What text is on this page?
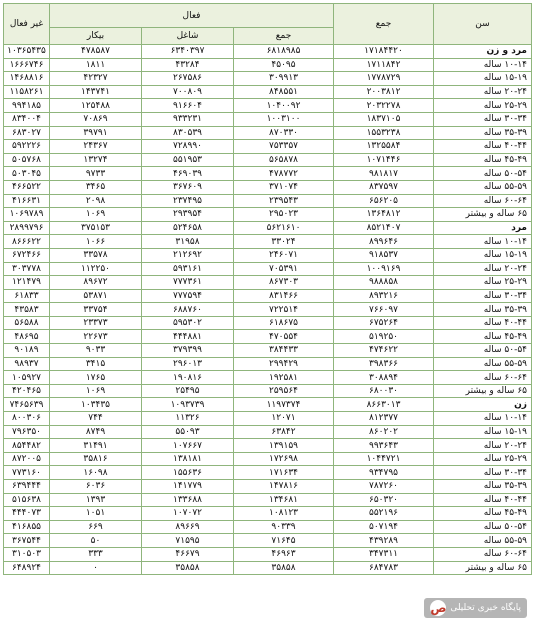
سن	جمع	فعال			غیر فعال
		جمع	شاغل	بیکار	
مرد و زن	۱۷۱۸۴۴۲۰	۶۸۱۸۹۸۵	۶۳۴۰۳۹۷	۴۷۸۵۸۷	۱۰۳۶۵۴۳۵
۱۰-۱۴ ساله	۱۷۱۱۸۴۲	۴۵۰۹۵	۴۳۲۸۴	۱۸۱۱	۱۶۶۶۷۴۶
۱۵-۱۹ ساله	۱۷۷۸۷۲۹	۳۰۹۹۱۳	۲۶۷۵۸۶	۴۲۳۲۷	۱۴۶۸۸۱۶
۲۰-۲۴ ساله	۲۰۰۳۸۱۲	۸۴۸۵۵۱	۷۰۰۸۰۹	۱۴۳۷۴۱	۱۱۵۸۲۶۱
۲۵-۲۹ ساله	۲۰۳۲۲۷۸	۱۰۴۰۰۹۲	۹۱۶۶۰۴	۱۲۵۴۸۸	۹۹۴۱۸۵
۳۰-۳۴ ساله	۱۸۳۷۱۰۵	۱۰۰۳۱۰۰	۹۳۳۲۳۱	۷۰۸۶۹	۸۳۴۰۰۴
۳۵-۳۹ ساله	۱۵۵۳۲۳۸	۸۷۰۳۳۰	۸۳۰۵۳۹	۳۹۷۹۱	۶۸۳۰۲۷
۴۰-۴۴ ساله	۱۳۲۵۵۸۴	۷۵۳۳۵۷	۷۲۸۹۹۰	۲۴۳۶۷	۵۹۲۲۲۶
۴۵-۴۹ ساله	۱۰۷۱۴۴۶	۵۶۵۸۷۸	۵۵۱۹۵۳	۱۳۲۷۴	۵۰۵۷۶۸
۵۰-۵۴ ساله	۹۸۱۸۱۷	۴۷۸۷۷۲	۴۶۹۰۳۹	۹۷۳۳	۵۰۳۰۴۵
۵۵-۵۹ ساله	۸۳۷۵۹۷	۳۷۱۰۷۴	۳۶۷۶۰۹	۳۴۶۵	۴۶۶۵۲۲
۶۰-۶۴ ساله	۶۵۶۲۰۵	۲۳۹۵۴۳	۲۳۷۴۹۵	۲۰۹۸	۴۱۶۶۳۱
۶۵ ساله و بیشتر	۱۳۶۴۸۱۲	۲۹۵۰۲۳	۲۹۳۹۵۴	۱۰۶۹	۱۰۶۹۷۸۹
مرد	۸۵۲۱۴۰۷	۵۶۲۱۶۱۰	۵۲۴۶۵۸	۳۷۵۱۵۳	۲۸۹۹۷۹۶
۱۰-۱۴ ساله	۸۹۹۶۴۶	۳۳۰۲۴	۳۱۹۵۸	۱۰۶۶	۸۶۶۶۲۲
۱۵-۱۹ ساله	۹۱۸۵۳۷	۲۴۶۰۷۱	۲۱۲۶۹۲	۳۳۵۷۸	۶۷۲۴۶۶
۲۰-۲۴ ساله	۱۰۰۹۱۶۹	۷۰۵۳۹۱	۵۹۳۱۶۱	۱۱۲۲۵۰	۳۰۳۷۷۸
۲۵-۲۹ ساله	۹۸۸۸۵۸	۸۶۷۳۰۳	۷۷۷۳۶۱	۸۹۶۷۲	۱۲۱۴۷۹
۳۰-۳۴ ساله	۸۹۳۲۱۶	۸۳۱۴۶۶	۷۷۷۵۹۴	۵۳۸۷۱	۶۱۸۳۳
۳۵-۳۹ ساله	۷۶۶۰۹۷	۷۲۲۵۱۴	۶۸۸۷۶۰	۳۳۷۵۴	۴۳۵۸۳
۴۰-۴۴ ساله	۶۷۵۲۶۴	۶۱۸۶۷۵	۵۹۵۳۰۲	۲۳۳۷۳	۵۶۵۸۸
۴۵-۴۹ ساله	۵۱۹۲۵۰	۴۷۰۵۵۴	۴۴۴۸۸۱	۲۲۶۷۳	۴۸۶۹۵
۵۰-۵۴ ساله	۴۷۴۶۲۲	۳۸۴۴۳۳	۳۷۹۳۹۹	۹۰۳۳	۹۰۱۸۹
۵۵-۵۹ ساله	۳۹۸۳۶۶	۲۹۹۴۲۹	۲۹۶۰۱۳	۳۴۱۵	۹۸۹۳۷
۶۰-۶۴ ساله	۳۰۸۸۹۴	۱۹۲۵۸۱	۱۹۰۸۱۶	۱۷۶۵	۱۰۵۹۲۷
۶۵ ساله و بیشتر	۶۸۰۰۳۰	۲۵۹۵۶۴	۲۵۴۹۵	۱۰۶۹	۴۲۰۴۶۵
زن	۸۶۶۳۰۱۳	۱۱۹۷۳۷۴	۱۰۹۳۷۳۹	۱۰۳۴۳۵	۷۴۶۵۶۳۹
۱۰-۱۴ ساله	۸۱۲۳۷۷	۱۲۰۷۱	۱۱۳۲۶	۷۴۴	۸۰۰۳۰۶
۱۵-۱۹ ساله	۸۶۰۲۰۲	۶۳۸۴۲	۵۵۰۹۳	۸۷۴۹	۷۹۶۳۵۰
۲۰-۲۴ ساله	۹۹۳۶۴۳	۱۳۹۱۵۹	۱۰۷۶۶۷	۳۱۴۹۱	۸۵۴۴۸۲
۲۵-۲۹ ساله	۱۰۴۴۷۲۱	۱۷۲۶۹۸	۱۳۸۱۸۱	۳۵۸۱۶	۸۷۲۰۰۵
۳۰-۳۴ ساله	۹۳۴۷۹۵	۱۷۱۶۳۴	۱۵۵۶۳۶	۱۶۰۹۸	۷۷۳۱۶۰
۳۵-۳۹ ساله	۷۸۷۲۶۰	۱۴۷۸۱۶	۱۴۱۷۷۹	۶۰۳۶	۶۳۹۴۴۴
۴۰-۴۴ ساله	۶۵۰۳۲۰	۱۳۴۶۸۱	۱۳۳۶۸۸	۱۳۹۳	۵۱۵۶۳۸
۴۵-۴۹ ساله	۵۵۲۱۹۶	۱۰۸۱۲۳	۱۰۷۰۷۲	۱۰۵۱	۴۴۴۰۷۳
۵۰-۵۴ ساله	۵۰۷۱۹۴	۹۰۳۳۹	۸۹۶۶۹	۶۶۹	۴۱۶۸۵۵
۵۵-۵۹ ساله	۴۳۹۲۸۹	۷۱۶۴۵	۷۱۵۹۵	۵۰	۳۶۷۵۴۴
۶۰-۶۴ ساله	۳۴۷۳۱۱	۴۶۹۶۳	۴۶۶۷۹	۳۳۳	۳۱۰۵۰۳
۶۵ ساله و بیشتر	۶۸۴۷۸۳	۳۵۸۵۸	۳۵۸۵۸	۰	۶۴۸۹۲۴
ص پایگاه خبری تحلیلی
